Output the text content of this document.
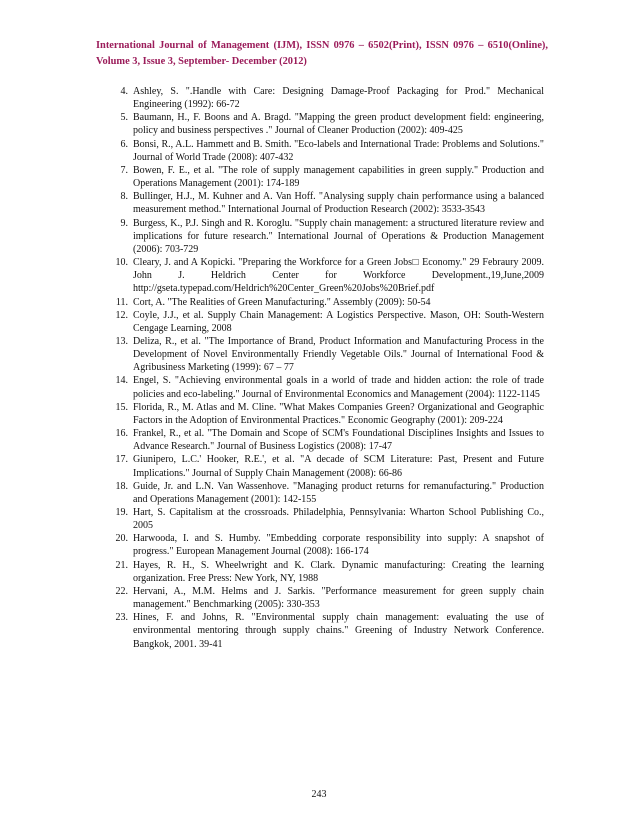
International Journal of Management (IJM), ISSN 0976 – 6502(Print), ISSN 0976 – 6510(Online), Volume 3, Issue 3, September- December (2012)
4. Ashley, S. ".Handle with Care: Designing Damage-Proof Packaging for Prod." Mechanical Engineering (1992): 66-72
5. Baumann, H., F. Boons and A. Bragd. "Mapping the green product development field: engineering, policy and business perspectives ." Journal of Cleaner Production (2002): 409-425
6. Bonsi, R., A.L. Hammett and B. Smith. "Eco-labels and International Trade: Problems and Solutions." Journal of World Trade (2008): 407-432
7. Bowen, F. E., et al. "The role of supply management capabilities in green supply." Production and Operations Management (2001): 174-189
8. Bullinger, H.J., M. Kuhner and A. Van Hoff. "Analysing supply chain performance using a balanced measurement method." International Journal of Production Research (2002): 3533-3543
9. Burgess, K., P.J. Singh and R. Koroglu. "Supply chain management: a structured literature review and implications for future research." International Journal of Operations & Production Management (2006): 703-729
10. Cleary, J. and A Kopicki. "Preparing the Workforce for a Green Jobs□ Economy." 29 Febraury 2009. John J. Heldrich Center for Workforce Development.,19,June,2009 http://gseta.typepad.com/Heldrich%20Center_Green%20Jobs%20Brief.pdf
11. Cort, A. "The Realities of Green Manufacturing." Assembly (2009): 50-54
12. Coyle, J.J., et al. Supply Chain Management: A Logistics Perspective. Mason, OH: South-Western Cengage Learning, 2008
13. Deliza, R., et al. "The Importance of Brand, Product Information and Manufacturing Process in the Development of Novel Environmentally Friendly Vegetable Oils." Journal of International Food & Agribusiness Marketing (1999): 67 – 77
14. Engel, S. "Achieving environmental goals in a world of trade and hidden action: the role of trade policies and eco-labeling." Journal of Environmental Economics and Management (2004): 1122-1145
15. Florida, R., M. Atlas and M. Cline. "What Makes Companies Green? Organizational and Geographic Factors in the Adoption of Environmental Practices." Economic Geography (2001): 209-224
16. Frankel, R., et al. "The Domain and Scope of SCM's Foundational Disciplines Insights and Issues to Advance Research." Journal of Business Logistics (2008): 17-47
17. Giunipero, L.C.' Hooker, R.E.', et al. "A decade of SCM Literature: Past, Present and Future Implications." Journal of Supply Chain Management (2008): 66-86
18. Guide, Jr. and L.N. Van Wassenhove. "Managing product returns for remanufacturing." Production and Operations Management (2001): 142-155
19. Hart, S. Capitalism at the crossroads. Philadelphia, Pennsylvania: Wharton School Publishing Co., 2005
20. Harwooda, I. and S. Humby. "Embedding corporate responsibility into supply: A snapshot of progress." European Management Journal (2008): 166-174
21. Hayes, R. H., S. Wheelwright and K. Clark. Dynamic manufacturing: Creating the learning organization. Free Press: New York, NY, 1988
22. Hervani, A., M.M. Helms and J. Sarkis. "Performance measurement for green supply chain management." Benchmarking (2005): 330-353
23. Hines, F. and Johns, R. "Environmental supply chain management: evaluating the use of environmental mentoring through supply chains." Greening of Industry Network Conference. Bangkok, 2001. 39-41
243
